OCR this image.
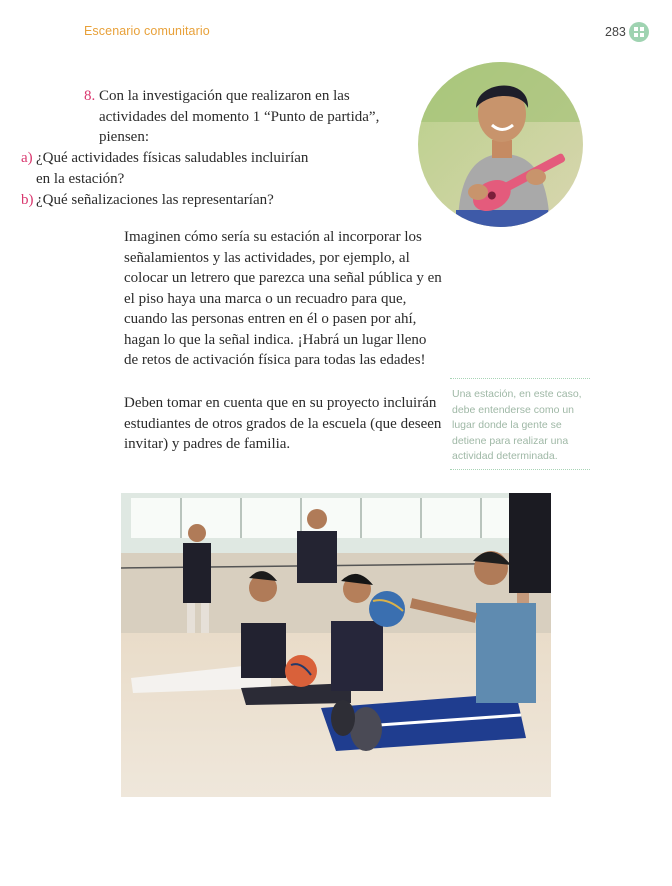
Escenario comunitario	283
8. Con la investigación que realizaron en las actividades del momento 1 “Punto de partida”, piensen:
a) ¿Qué actividades físicas saludables incluirían en la estación?
b) ¿Qué señalizaciones las representarían?
Imaginen cómo sería su estación al incorporar los señalamientos y las actividades, por ejemplo, al colocar un letrero que parezca una señal pública y en el piso haya una marca o un recuadro para que, cuando las personas entren en él o pasen por ahí, hagan lo que la señal indica. ¡Habrá un lugar lleno de retos de activación física para todas las edades!
Deben tomar en cuenta que en su proyecto incluirán estudiantes de otros grados de la escuela (que deseen invitar) y padres de familia.
Una estación, en este caso, debe entenderse como un lugar donde la gente se detiene para realizar una actividad determinada.
